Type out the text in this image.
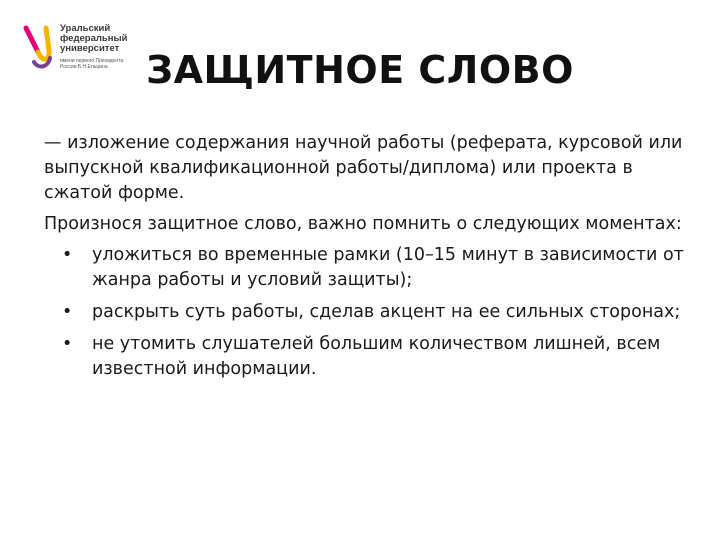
Уральский
федеральный
университет
имени первого Президента
России Б.Н.Ельцина	ЗАЩИТНОЕ СЛОВО

— изложение содержания научной работы (реферата, курсовой или выпускной квалификационной работы/диплома) или проекта в сжатой форме.

Произнося защитное слово, важно помнить о следующих моментах:

• уложиться во временные рамки (10–15 минут в зависимости от жанра работы и условий защиты);
• раскрыть суть работы, сделав акцент на ее сильных сторонах;
• не утомить слушателей большим количеством лишней, всем известной информации.
